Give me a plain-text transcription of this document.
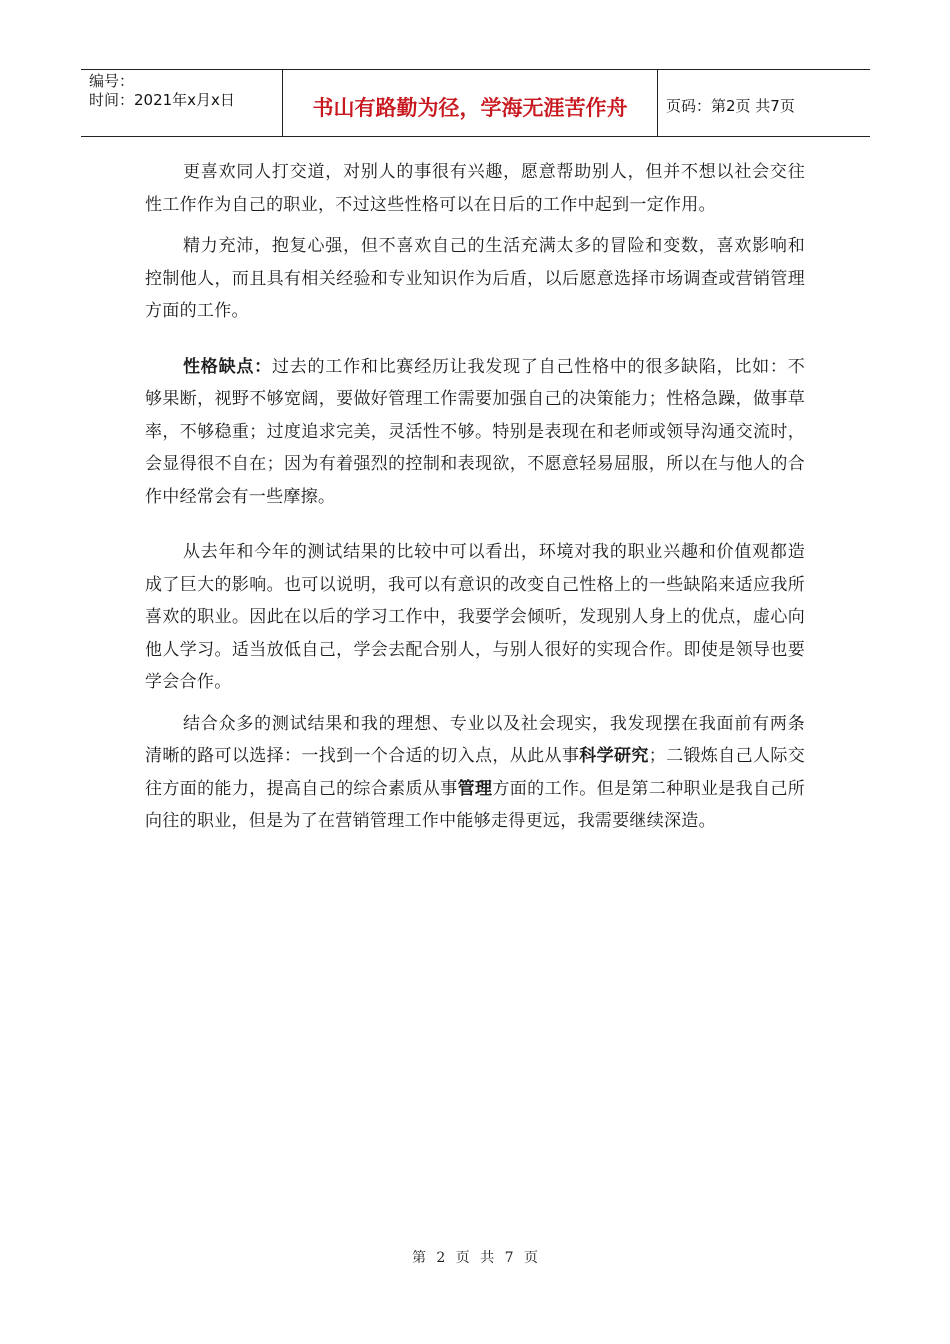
编号：
时间：2021年x月x日	书山有路勤为径，学海无涯苦作舟	页码：第2页 共7页

更喜欢同人打交道，对别人的事很有兴趣，愿意帮助别人，但并不想以社会交往性工作作为自己的职业，不过这些性格可以在日后的工作中起到一定作用。

精力充沛，抱复心强，但不喜欢自己的生活充满太多的冒险和变数，喜欢影响和控制他人，而且具有相关经验和专业知识作为后盾，以后愿意选择市场调查或营销管理方面的工作。

性格缺点：过去的工作和比赛经历让我发现了自己性格中的很多缺陷，比如：不够果断，视野不够宽阔，要做好管理工作需要加强自己的决策能力；性格急躁，做事草率，不够稳重；过度追求完美，灵活性不够。特别是表现在和老师或领导沟通交流时，会显得很不自在；因为有着强烈的控制和表现欲，不愿意轻易屈服，所以在与他人的合作中经常会有一些摩擦。

从去年和今年的测试结果的比较中可以看出，环境对我的职业兴趣和价值观都造成了巨大的影响。也可以说明，我可以有意识的改变自己性格上的一些缺陷来适应我所喜欢的职业。因此在以后的学习工作中，我要学会倾听，发现别人身上的优点，虚心向他人学习。适当放低自己，学会去配合别人，与别人很好的实现合作。即使是领导也要学会合作。

结合众多的测试结果和我的理想、专业以及社会现实，我发现摆在我面前有两条清晰的路可以选择：一找到一个合适的切入点，从此从事科学研究；二锻炼自己人际交往方面的能力，提高自己的综合素质从事管理方面的工作。但是第二种职业是我自己所向往的职业，但是为了在营销管理工作中能够走得更远，我需要继续深造。

第 2 页 共 7 页
